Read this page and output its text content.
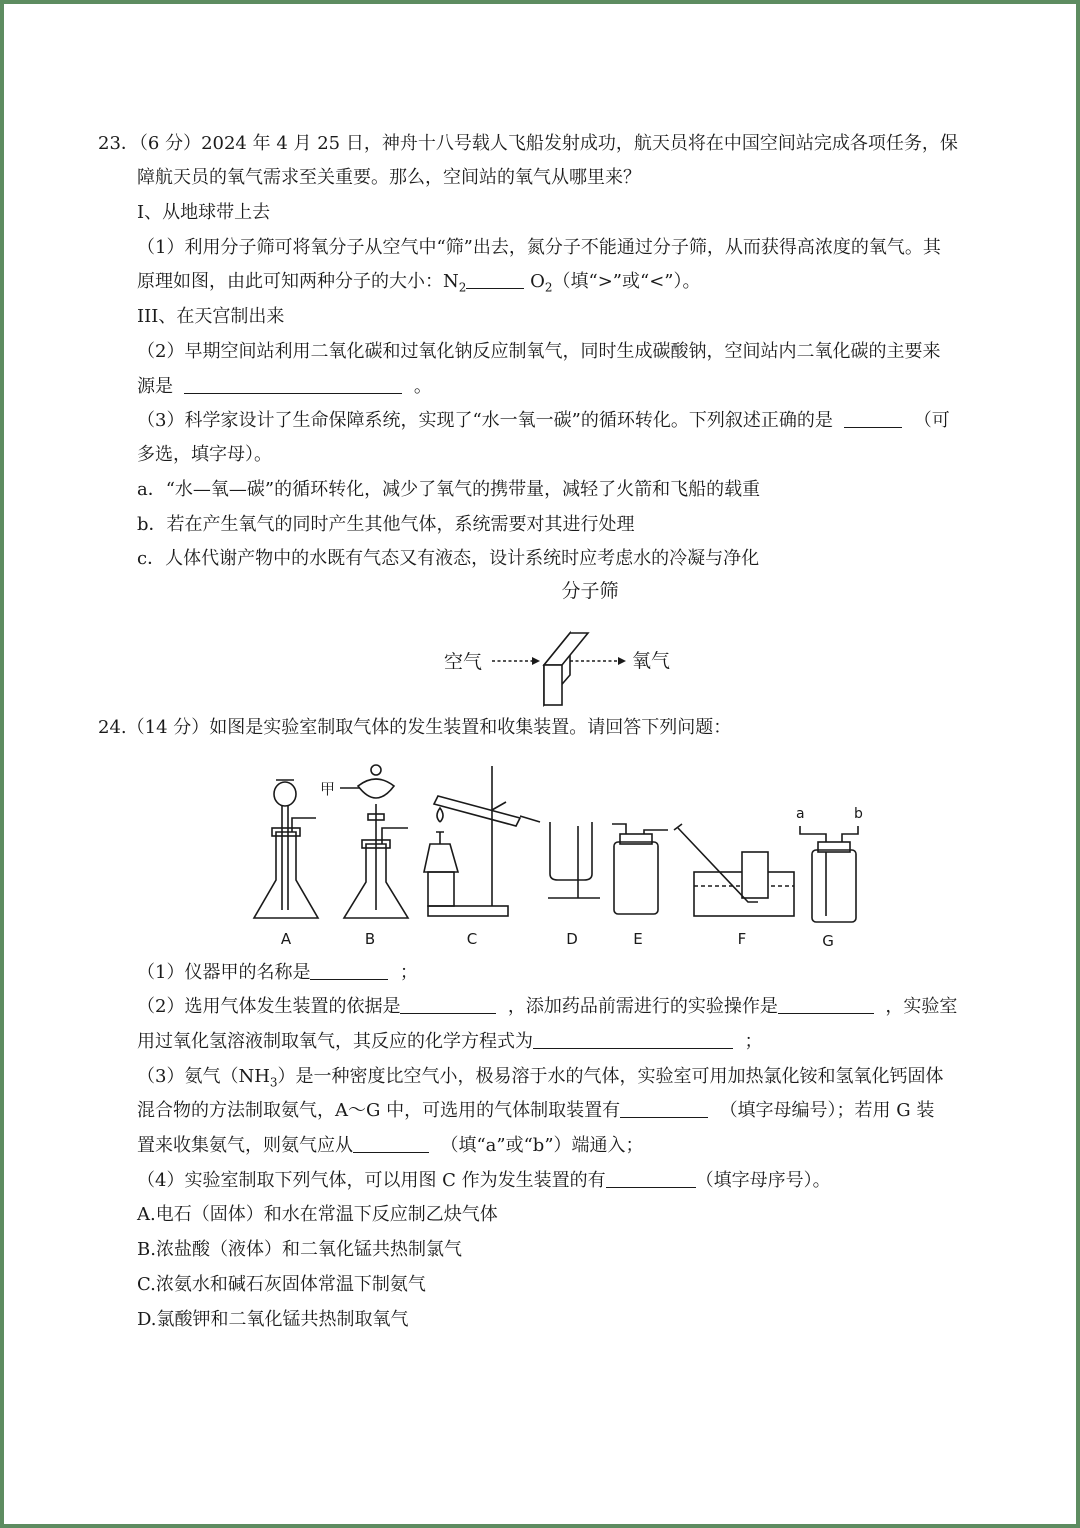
23．（6 分）2024 年 4 月 25 日，神舟十八号载人飞船发射成功，航天员将在中国空间站完成各项任务，保
障航天员的氧气需求至关重要。那么，空间站的氧气从哪里来？
I、从地球带上去
（1）利用分子筛可将氧分子从空气中“筛”出去，氮分子不能通过分子筛，从而获得高浓度的氧气。其
原理如图，由此可知两种分子的大小：$N_2$	$O_2$（填“>”或“<”）。
III、在天宫制出来
（2）早期空间站利用二氧化碳和过氧化钠反应制氧气，同时生成碳酸钠，空间站内二氧化碳的主要来
源是	。
（3）科学家设计了生命保障系统，实现了“水一氧一碳”的循环转化。下列叙述正确的是	（可
多选，填字母）。
a．“水—氧—碳”的循环转化，减少了氧气的携带量，减轻了火箭和飞船的载重
b．若在产生氧气的同时产生其他气体，系统需要对其进行处理
c．人体代谢产物中的水既有气态又有液态，设计系统时应考虑水的冷凝与净化
分子筛
空气	氧气
24.（14 分）如图是实验室制取气体的发生装置和收集装置。请回答下列问题：
甲
a	b
A	B	C	D	E	F	G
（1）仪器甲的名称是	；
（2）选用气体发生装置的依据是	，添加药品前需进行的实验操作是	，实验室
用过氧化氢溶液制取氧气，其反应的化学方程式为	；
（3）氨气$(NH_3)$是一种密度比空气小，极易溶于水的气体，实验室可用加热氯化铵和氢氧化钙固体
混合物的方法制取氨气，A～G 中，可选用的气体制取装置有	（填字母编号）；若用 G 装
置来收集氨气，则氨气应从	（填“a”或“b”）端通入；
（4）实验室制取下列气体，可以用图 C 作为发生装置的有	（填字母序号）。
A.电石（固体）和水在常温下反应制乙炔气体
B.浓盐酸（液体）和二氧化锰共热制氯气
C.浓氨水和碱石灰固体常温下制氨气
D.氯酸钾和二氧化锰共热制取氧气
